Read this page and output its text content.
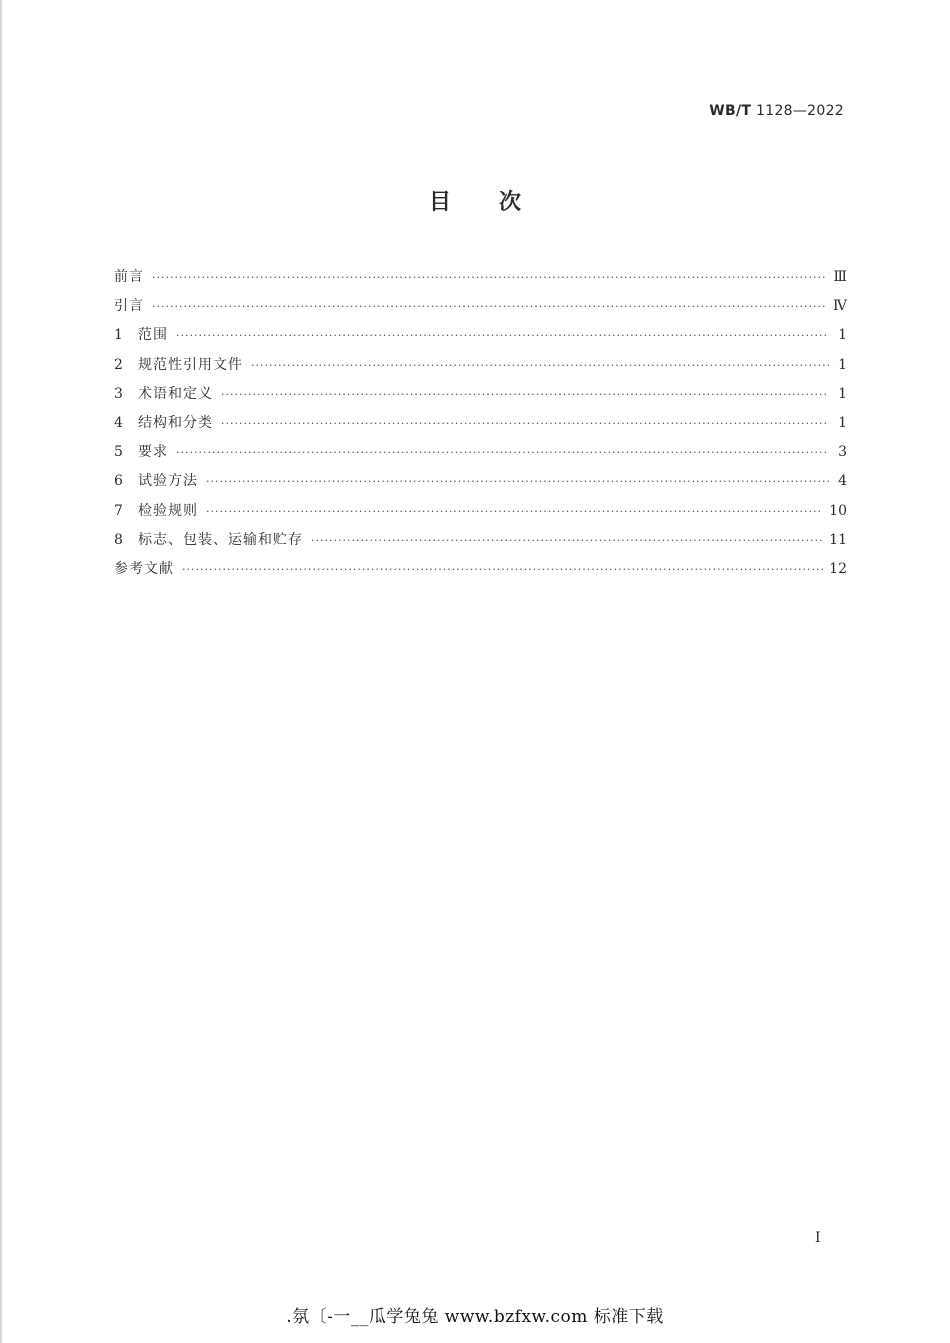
WB/T 1128—2022
目次
前言 ·····	Ⅲ
引言 ·····	Ⅳ
1	范围 ·····	1
2	规范性引用文件 ·····	1
3	术语和定义 ·····	1
4	结构和分类 ·····	1
5	要求 ·····	3
6	试验方法 ·····	4
7	检验规则 ·····	10
8	标志、包装、运输和贮存 ·····	11
参考文献 ·····	12
I
.氛〔-一__瓜学兔兔 www.bzfxw.com 标准下载
